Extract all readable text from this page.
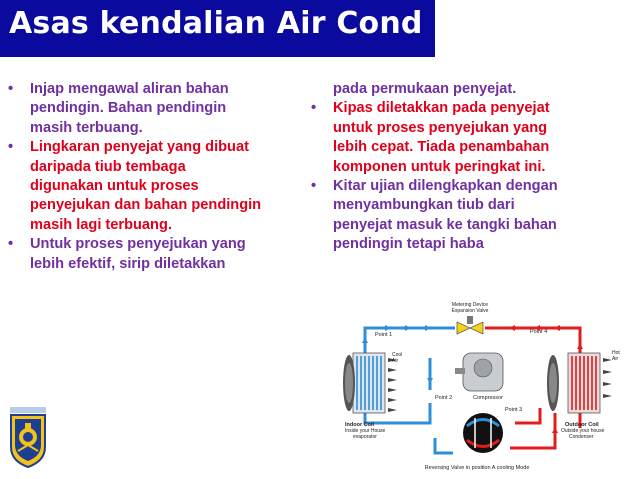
Asas kendalian Air Cond
•	Injap mengawal aliran bahan
pendingin. Bahan pendingin
masih terbuang.
•	Lingkaran penyejat yang dibuat
daripada tiub tembaga
digunakan untuk proses
penyejukan dan bahan pendingin
masih lagi terbuang.
•	Untuk proses penyejukan yang
lebih efektif, sirip diletakkan
pada permukaan penyejat.
•	Kipas diletakkan pada penyejat
untuk proses penyejukan yang
lebih cepat. Tiada penambahan
komponen untuk peringkat ini.
•	Kitar ujian dilengkapkan dengan
menyambungkan tiub dari
penyejat masuk ke tangki bahan
pendingin tetapi haba
Metering Device
Expansion Valve
Point 1	Point 4
Point 2
Point 3
Cool
Air
Hot
Air
Compressor
Indoor Coil
Inside your House
evaporator
Outdoor Coil
Outside your house
Condenser
Reversing Valve in position A cooling Mode
